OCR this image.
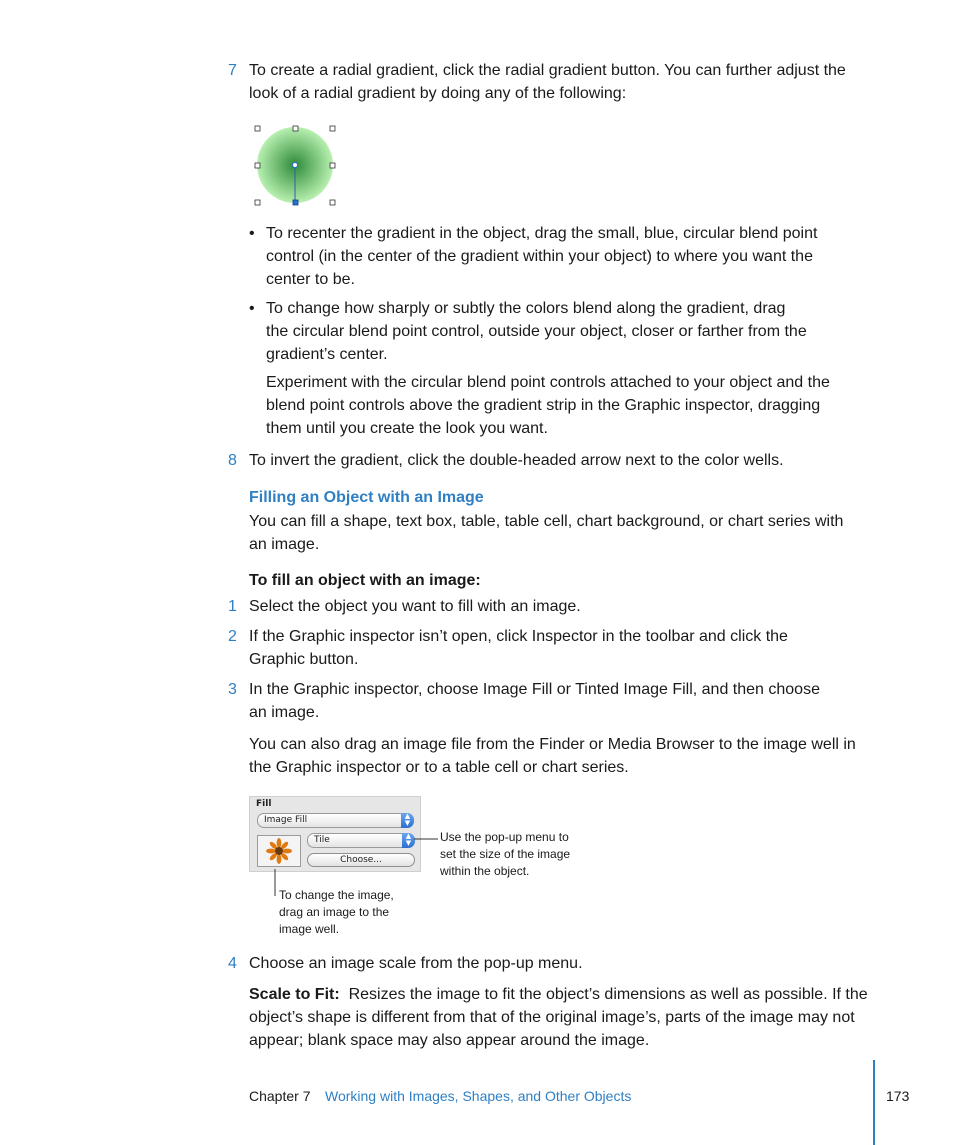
7 To create a radial gradient, click the radial gradient button. You can further adjust the
look of a radial gradient by doing any of the following:
• To recenter the gradient in the object, drag the small, blue, circular blend point
control (in the center of the gradient within your object) to where you want the
center to be.
• To change how sharply or subtly the colors blend along the gradient, drag
the circular blend point control, outside your object, closer or farther from the
gradient’s center.
Experiment with the circular blend point controls attached to your object and the
blend point controls above the gradient strip in the Graphic inspector, dragging
them until you create the look you want.
8 To invert the gradient, click the double-headed arrow next to the color wells.
Filling an Object with an Image
You can fill a shape, text box, table, table cell, chart background, or chart series with
an image.
To fill an object with an image:
1 Select the object you want to fill with an image.
2 If the Graphic inspector isn’t open, click Inspector in the toolbar and click the
Graphic button.
3 In the Graphic inspector, choose Image Fill or Tinted Image Fill, and then choose
an image.
You can also drag an image file from the Finder or Media Browser to the image well in
the Graphic inspector or to a table cell or chart series.
Fill
Image Fill	▲
▼
Tile	▲
▼
Choose...
Use the pop-up menu to
set the size of the image
within the object.
To change the image,
drag an image to the
image well.
4 Choose an image scale from the pop-up menu.
Scale to Fit: Resizes the image to fit the object’s dimensions as well as possible. If the
object’s shape is different from that of the original image’s, parts of the image may not
appear; blank space may also appear around the image.
Chapter 7 Working with Images, Shapes, and Other Objects	173
